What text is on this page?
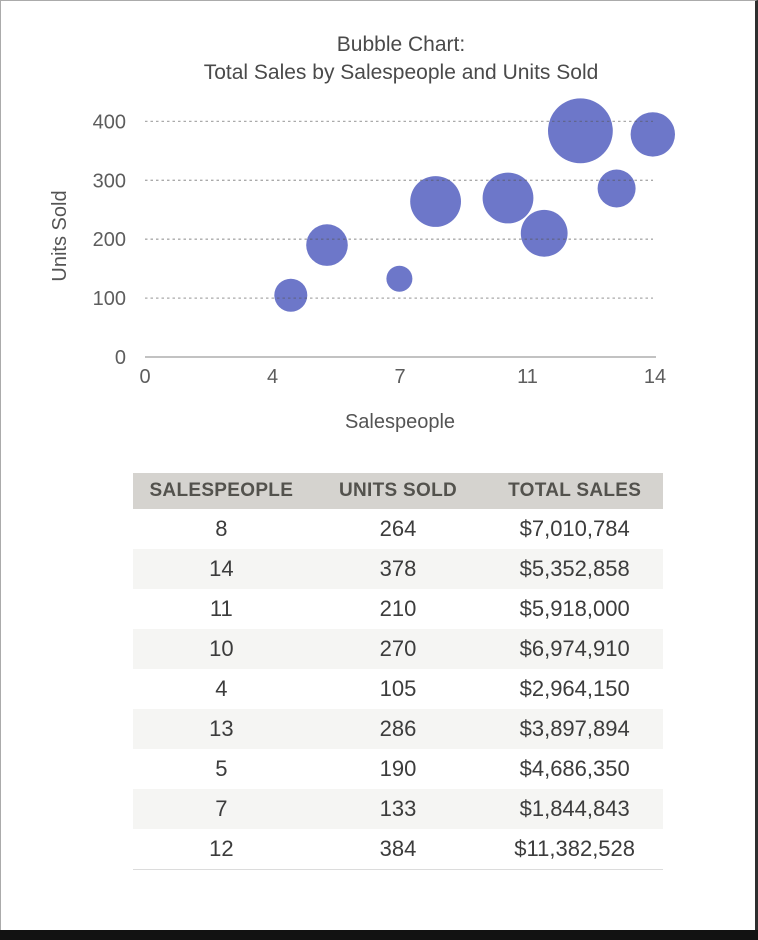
Bubble Chart:
Total Sales by Salespeople and Units Sold
0
100
200
300
400
0	4	7	11	14
Salespeople
Units Sold
SALESPEOPLE	UNITS SOLD	TOTAL SALES
8	264	$7,010,784
14	378	$5,352,858
11	210	$5,918,000
10	270	$6,974,910
4	105	$2,964,150
13	286	$3,897,894
5	190	$4,686,350
7	133	$1,844,843
12	384	$11,382,528
